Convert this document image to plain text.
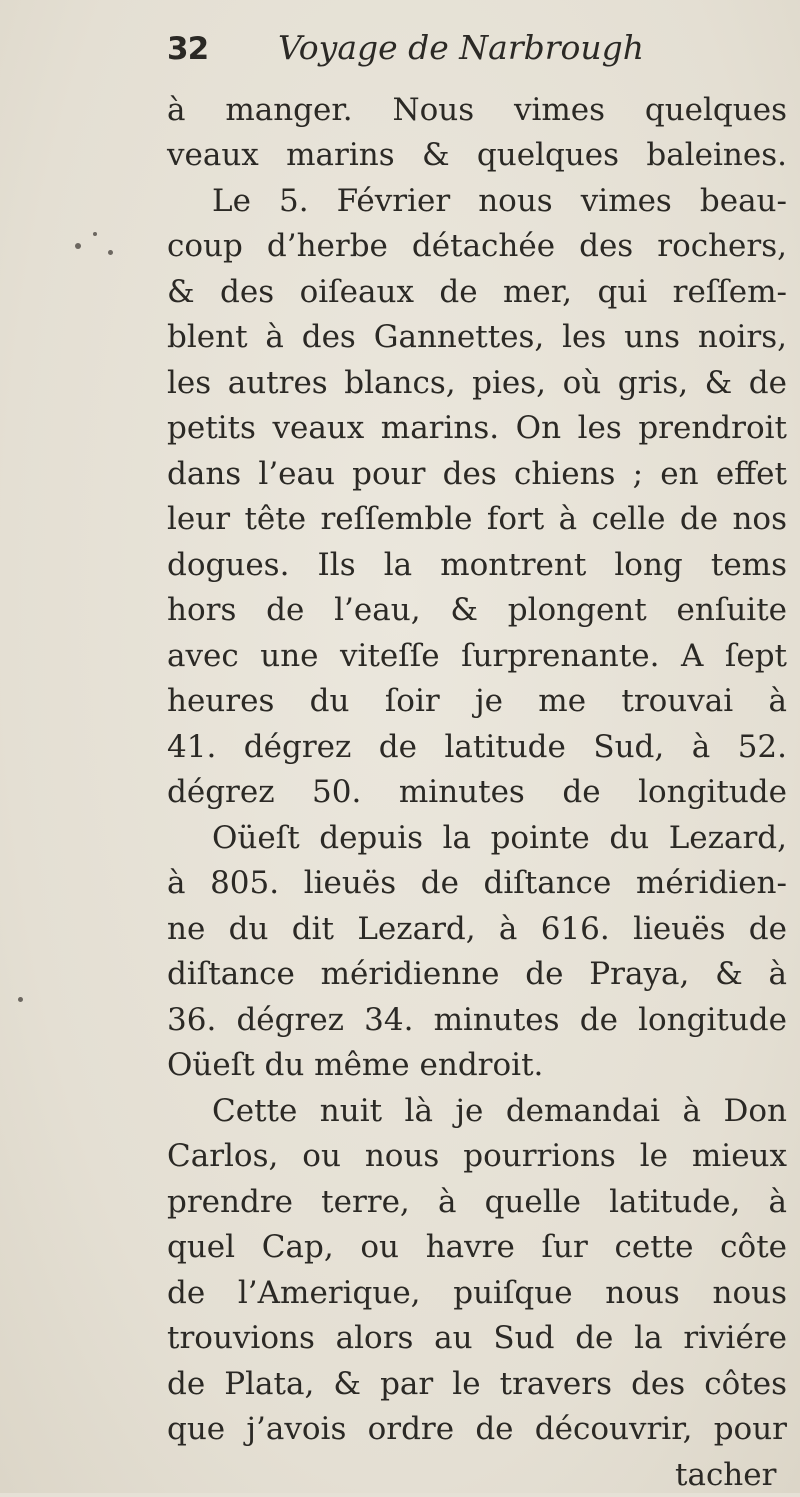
32 Voyage de Narbrough
à manger. Nous vimes quelques
veaux marins & quelques baleines.
Le 5. Février nous vimes beau-
coup d’herbe détachée des rochers,
& des oiſeaux de mer, qui reſſem-
blent à des Gannettes, les uns noirs,
les autres blancs, pies, où gris, & de
petits veaux marins. On les prendroit
dans l’eau pour des chiens ; en effet
leur tête reſſemble fort à celle de nos
dogues. Ils la montrent long tems
hors de l’eau, & plongent enſuite
avec une viteſſe ſurprenante. A ſept
heures du ſoir je me trouvai à
41. dégrez de latitude Sud, à 52.
dégrez 50. minutes de longitude
Oüeſt depuis la pointe du Lezard,
à 805. lieuës de diſtance méridien-
ne du dit Lezard, à 616. lieuës de
diſtance méridienne de Praya, & à
36. dégrez 34. minutes de longitude
Oüeſt du même endroit.
Cette nuit là je demandai à Don
Carlos, ou nous pourrions le mieux
prendre terre, à quelle latitude, à
quel Cap, ou havre ſur cette côte
de l’Amerique, puiſque nous nous
trouvions alors au Sud de la riviére
de Plata, & par le travers des côtes
que j’avois ordre de découvrir, pour
tacher
